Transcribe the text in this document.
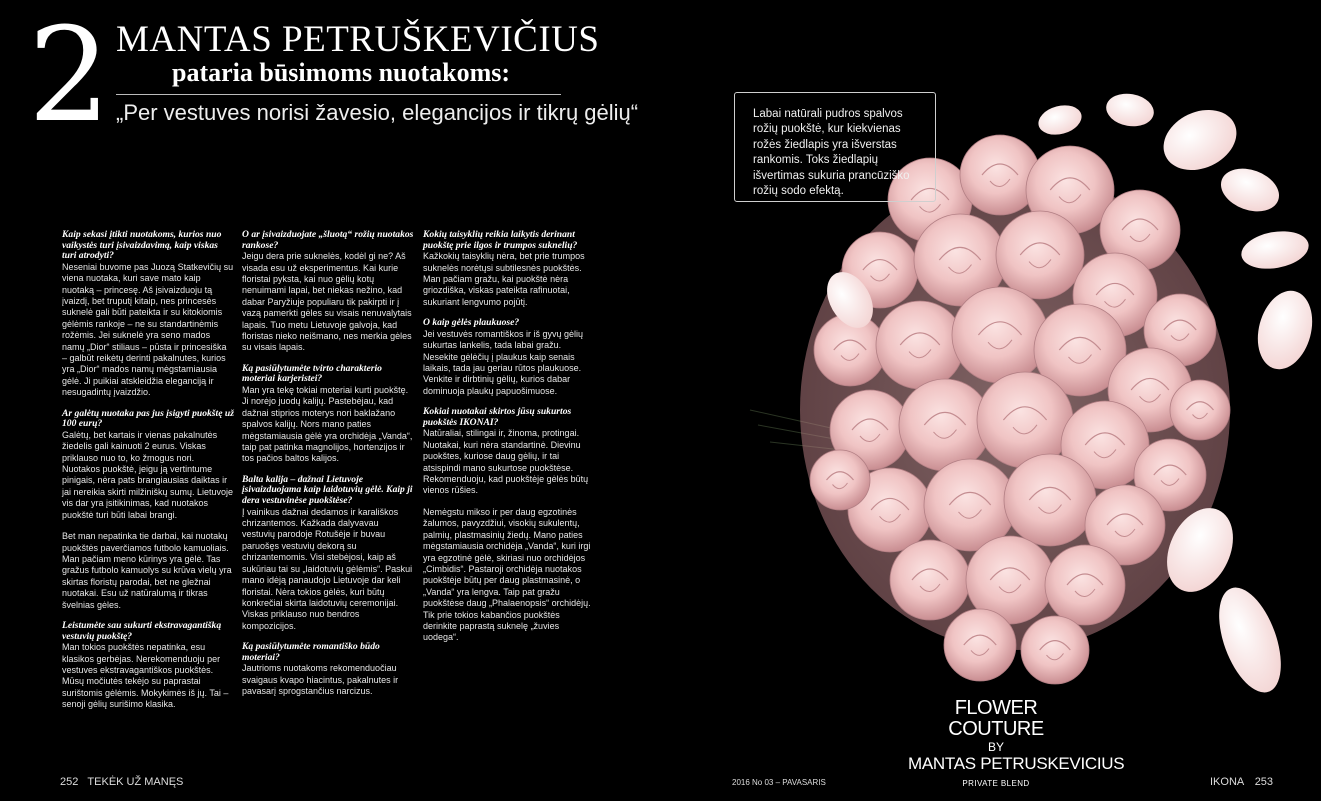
2 MANTAS PETRUŠKEVIČIUS
pataria būsimoms nuotakoms:
„Per vestuves norisi žavesio, elegancijos ir tikrų gėlių“

Kaip sekasi įtikti nuotakoms, kurios nuo vaikystės turi įsivaizdavimą, kaip viskas turi atrodyti?

Neseniai buvome pas Juozą Statkevičių su viena nuotaka, kuri save mato kaip nuotaką – princesę. Aš įsivaizduoju tą įvaizdį, bet truputį kitaip, nes princesės suknelė gali būti pateikta ir su kitokiomis gėlėmis rankoje – ne su standartinėmis rožėmis. Jei suknelė yra seno mados namų „Dior“ stiliaus – pūsta ir princesiška – galbūt reikėtų derinti pakalnutes, kurios yra „Dior“ mados namų mėgstamiausia gėlė. Ji puikiai atskleidžia eleganciją ir nesugadintų įvaizdžio.

Ar galėtų nuotaka pas jus įsigyti puokštę už 100 eurų?

Galėtų, bet kartais ir vienas pakalnutės žiedelis gali kainuoti 2 eurus. Viskas priklauso nuo to, ko žmogus nori. Nuotakos puokštė, jeigu ją vertintume pinigais, nėra pats brangiausias daiktas ir jai nereikia skirti milžiniškų sumų. Lietuvoje vis dar yra įsitikinimas, kad nuotakos puokštė turi būti labai brangi.

Bet man nepatinka tie darbai, kai nuotakų puokštės paverčiamos futbolo kamuoliais. Man pačiam meno kūrinys yra gėlė. Tas gražus futbolo kamuolys su krūva vielų yra skirtas floristų parodai, bet ne gležnai nuotakai. Esu už natūralumą ir tikras švelnias gėles.

Leistumėte sau sukurti ekstravagantišką vestuvių puokštę?

Man tokios puokštės nepatinka, esu klasikos gerbėjas. Nerekomenduoju per vestuves ekstravagantiškos puokštės. Mūsų močiutės tekėjo su paprastai surištomis gėlėmis. Mokykimės iš jų. Tai – senoji gėlių surišimo klasika.

O ar įsivaizduojate „šluotą“ rožių nuotakos rankose?

Jeigu dera prie suknelės, kodėl gi ne? Aš visada esu už eksperimentus. Kai kurie floristai pyksta, kai nuo gėlių kotų nenuimami lapai, bet niekas nežino, kad dabar Paryžiuje populiaru tik pakirpti ir į vazą pamerkti gėles su visais nenuvalytais lapais. Tuo metu Lietuvoje galvoja, kad floristas nieko neišmano, nes merkia gėles su visais lapais.

Ką pasiūlytumėte tvirto charakterio moteriai karjeristei?

Man yra tekę tokiai moteriai kurti puokštę. Ji norėjo juodų kalijų. Pastebėjau, kad dažnai stiprios moterys nori baklažano spalvos kalijų. Nors mano paties mėgstamiausia gėlė yra orchidėja „Vanda“, taip pat patinka magnolijos, hortenzijos ir tos pačios baltos kalijos.

Balta kalija – dažnai Lietuvoje įsivaizduojama kaip laidotuvių gėlė. Kaip ji dera vestuvinėse puokštėse?

Į vainikus dažnai dedamos ir karališkos chrizantemos. Kažkada dalyvavau vestuvių parodoje Rotušėje ir buvau paruošęs vestuvių dekorą su chrizantemomis. Visi stebėjosi, kaip aš sukūriau tai su „laidotuvių gėlėmis“. Paskui mano idėją panaudojo Lietuvoje dar keli floristai. Nėra tokios gėlės, kuri būtų konkrečiai skirta laidotuvių ceremonijai. Viskas priklauso nuo bendros kompozicijos.

Ką pasiūlytumėte romantiško būdo moteriai?

Jautrioms nuotakoms rekomenduočiau svaigaus kvapo hiacintus, pakalnutes ir pavasarį sprogstančius narcizus.

Kokių taisyklių reikia laikytis derinant puokštę prie ilgos ir trumpos suknelių?

Kažkokių taisyklių nėra, bet prie trumpos suknelės norėtųsi subtilesnės puokštės. Man pačiam gražu, kai puokštė nėra griozdiška, viskas pateikta rafinuotai, sukuriant lengvumo pojūtį.

O kaip gėlės plaukuose?

Jei vestuvės romantiškos ir iš gyvų gėlių sukurtas lankelis, tada labai gražu. Nesekite gėlėčių į plaukus kaip senais laikais, tada jau geriau rūtos plaukuose. Venkite ir dirbtinių gėlių, kurios dabar dominuoja plaukų papuošimuose.

Kokiai nuotakai skirtos jūsų sukurtos puokštės IKONAI?

Natūraliai, stilingai ir, žinoma, protingai. Nuotakai, kuri nėra standartinė. Dievinu puokštes, kuriose daug gėlių, ir tai atsispindi mano sukurtose puokštėse. Rekomenduoju, kad puokštėje gėlės būtų vienos rūšies.

Nemėgstu mikso ir per daug egzotinės žalumos, pavyzdžiui, visokių sukulentų, palmių, plastmasinių žiedų. Mano paties mėgstamiausia orchidėja „Vanda“, kuri irgi yra egzotinė gėlė, skiriasi nuo orchidėjos „Cimbidis“. Pastaroji orchidėja nuotakos puokštėje būtų per daug plastmasinė, o „Vanda“ yra lengva. Taip pat gražu puokštėse daug „Phalaenopsis“ orchidėjų. Tik prie tokios kabančios puokštės derinkite paprastą suknelę „žuvies uodega“.

252 TEKĖK UŽ MANĘS
Labai natūrali pudros spalvos rožių puokštė, kur kiekvienas rožės žiedlapis yra išverstas rankomis. Toks žiedlapių išvertimas sukuria prancūziško rožių sodo efektą.
FLOWER
COUTURE
BY
MANTAS PETRUSKEVICIUS
PRIVATE BLEND
2016 No 03 – PAVASARIS	IKONA 253
